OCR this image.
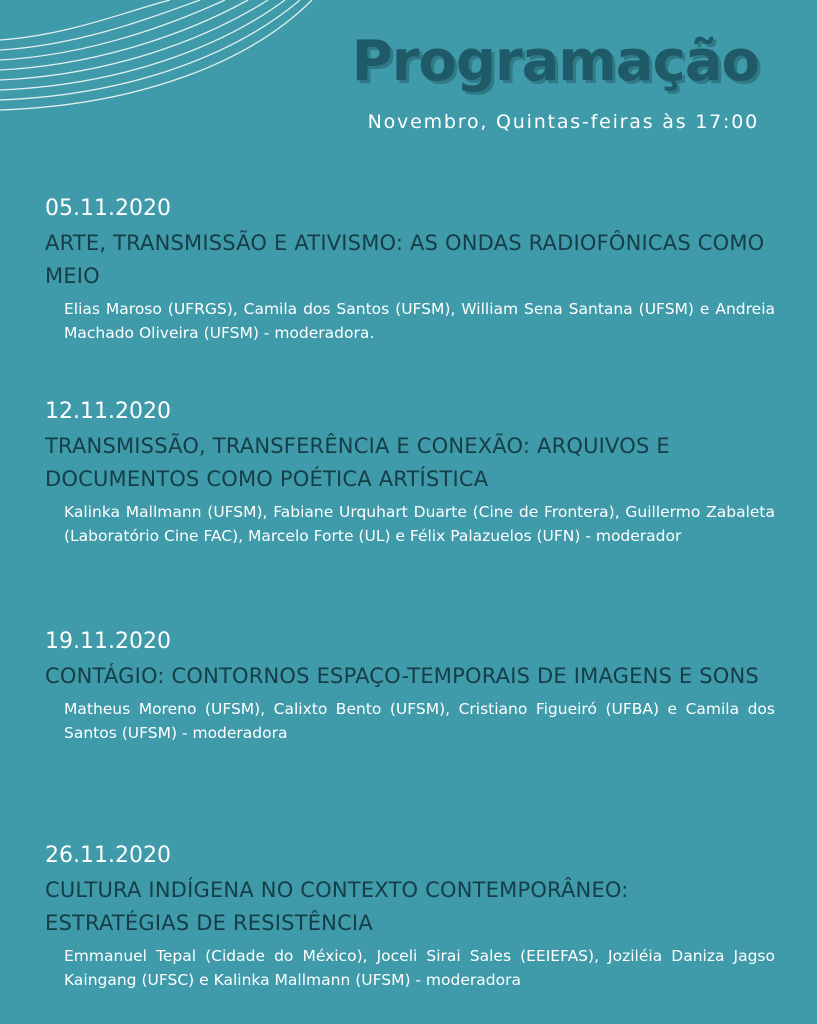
Programação

Novembro, Quintas-feiras às 17:00

05.11.2020

ARTE, TRANSMISSÃO E ATIVISMO: AS ONDAS RADIOFÔNICAS COMO MEIO

Elias Maroso (UFRGS), Camila dos Santos (UFSM), William Sena Santana (UFSM) e Andreia Machado Oliveira (UFSM) - moderadora.

12.11.2020

TRANSMISSÃO, TRANSFERÊNCIA E CONEXÃO: ARQUIVOS E DOCUMENTOS COMO POÉTICA ARTÍSTICA

Kalinka Mallmann (UFSM), Fabiane Urquhart Duarte (Cine de Frontera), Guillermo Zabaleta (Laboratório Cine FAC), Marcelo Forte (UL) e Félix Palazuelos (UFN) - moderador

19.11.2020

CONTÁGIO: CONTORNOS ESPAÇO-TEMPORAIS DE IMAGENS E SONS

Matheus Moreno (UFSM), Calixto Bento (UFSM), Cristiano Figueiró (UFBA) e Camila dos Santos (UFSM) - moderadora

26.11.2020

CULTURA INDÍGENA NO CONTEXTO CONTEMPORÂNEO: ESTRATÉGIAS DE RESISTÊNCIA

Emmanuel Tepal (Cidade do México), Joceli Sirai Sales (EEIEFAS), Joziléia Daniza Jagso Kaingang (UFSC) e Kalinka Mallmann (UFSM) - moderadora
